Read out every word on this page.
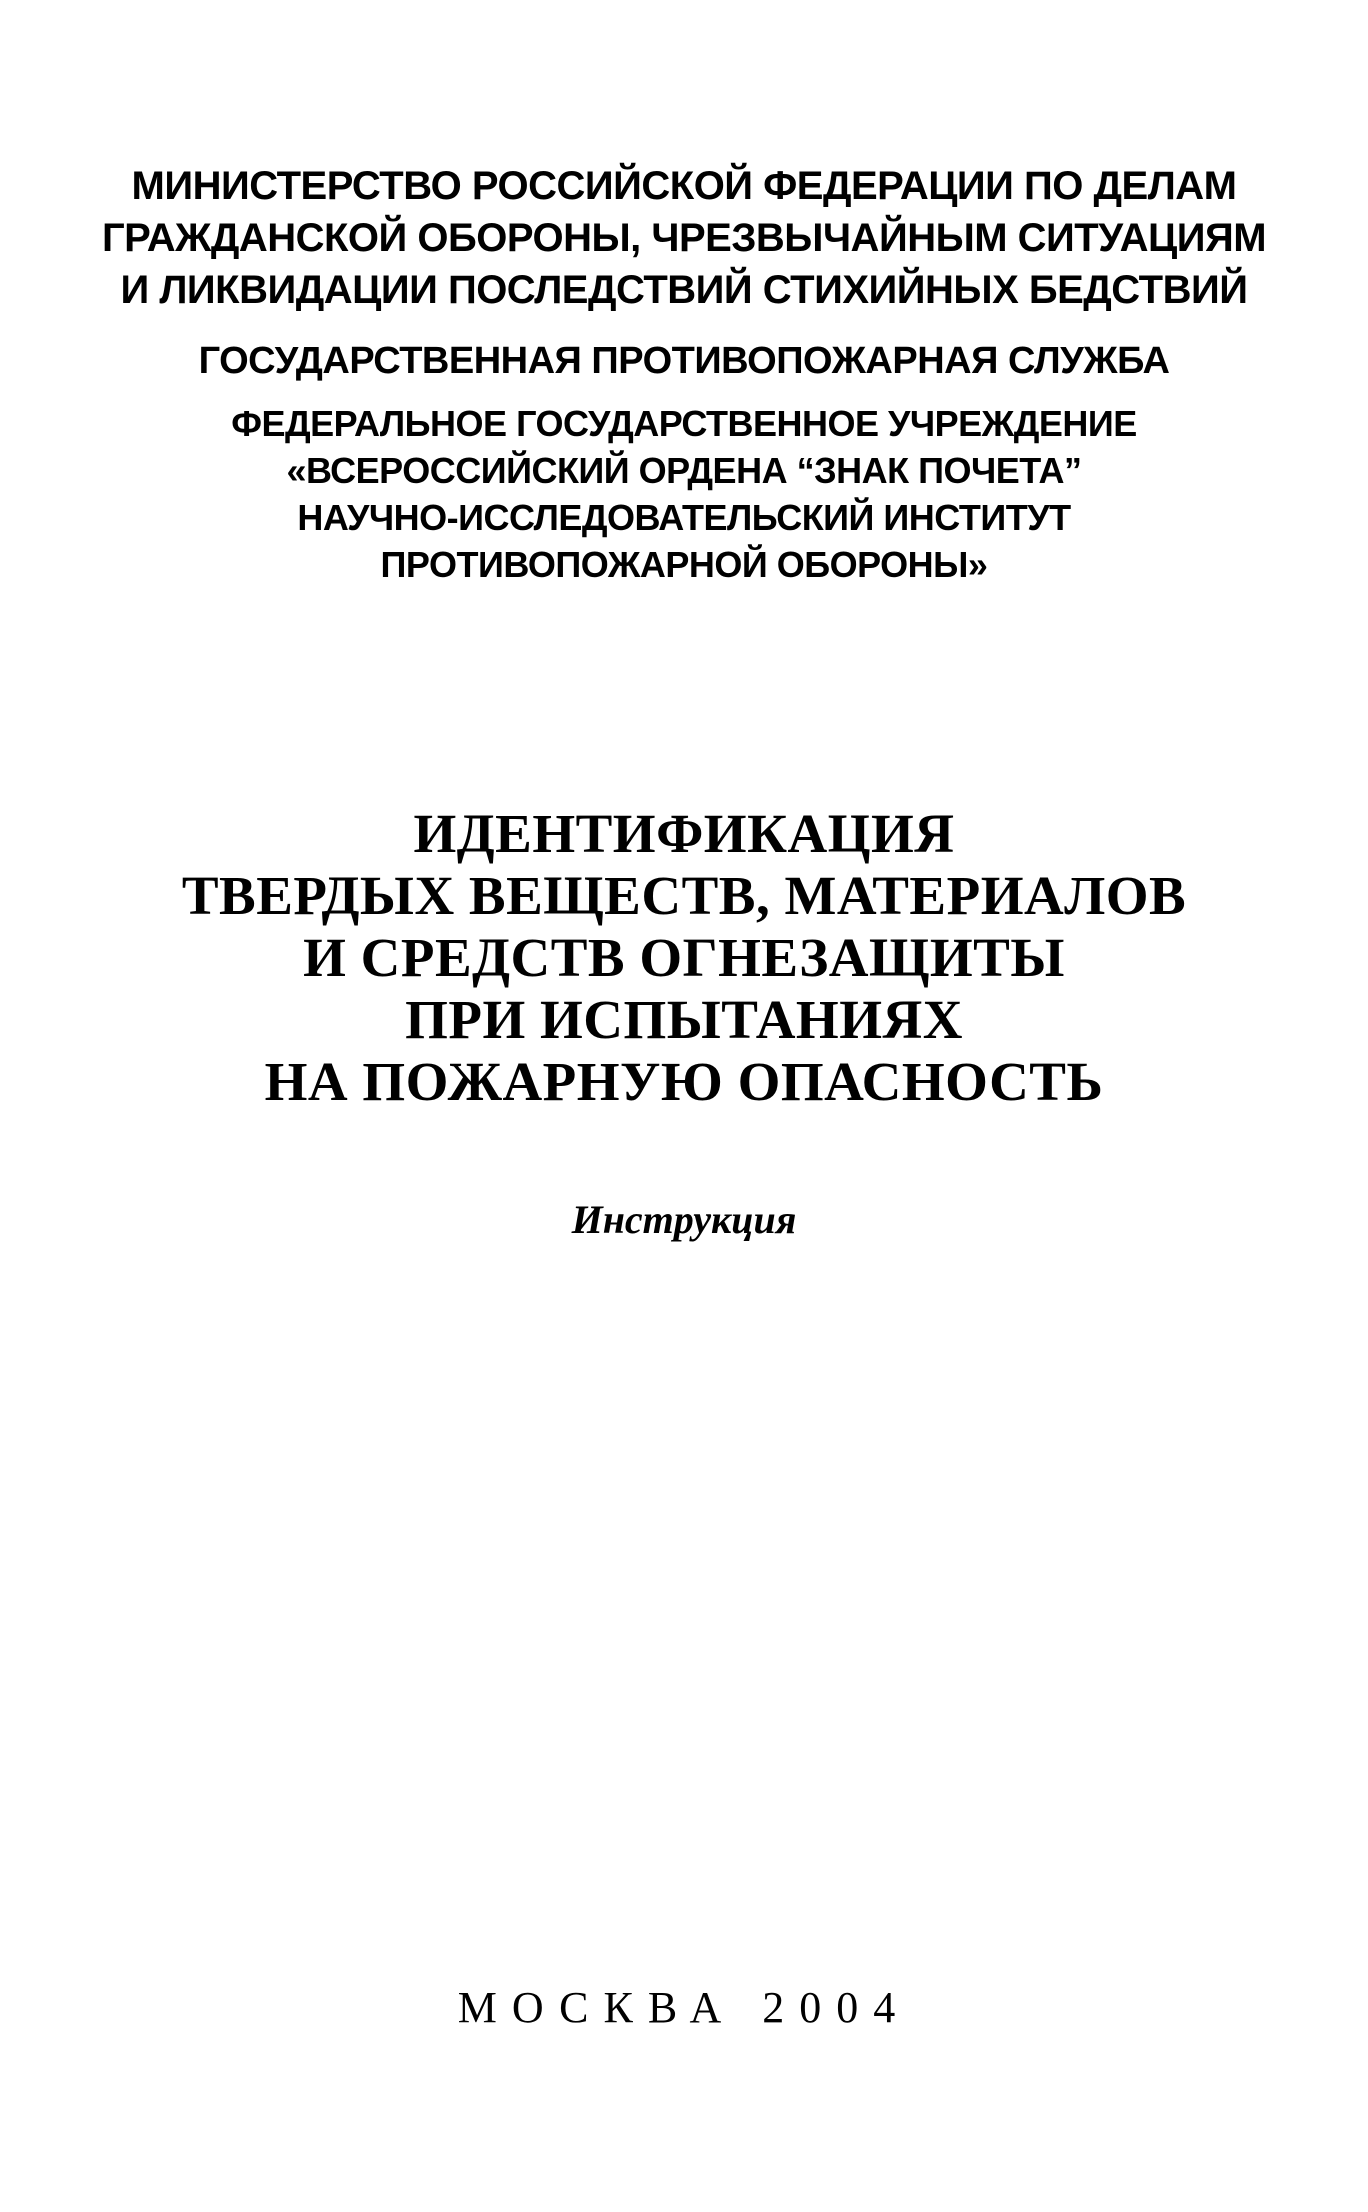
МИНИСТЕРСТВО РОССИЙСКОЙ ФЕДЕРАЦИИ ПО ДЕЛАМ
ГРАЖДАНСКОЙ ОБОРОНЫ, ЧРЕЗВЫЧАЙНЫМ СИТУАЦИЯМ
И ЛИКВИДАЦИИ ПОСЛЕДСТВИЙ СТИХИЙНЫХ БЕДСТВИЙ
ГОСУДАРСТВЕННАЯ ПРОТИВОПОЖАРНАЯ СЛУЖБА
ФЕДЕРАЛЬНОЕ ГОСУДАРСТВЕННОЕ УЧРЕЖДЕНИЕ
«ВСЕРОССИЙСКИЙ ОРДЕНА “ЗНАК ПОЧЕТА”
НАУЧНО-ИССЛЕДОВАТЕЛЬСКИЙ ИНСТИТУТ
ПРОТИВОПОЖАРНОЙ ОБОРОНЫ»
ИДЕНТИФИКАЦИЯ
ТВЕРДЫХ ВЕЩЕСТВ, МАТЕРИАЛОВ
И СРЕДСТВ ОГНЕЗАЩИТЫ
ПРИ ИСПЫТАНИЯХ
НА ПОЖАРНУЮ ОПАСНОСТЬ
Инструкция
МОСКВА 2004
